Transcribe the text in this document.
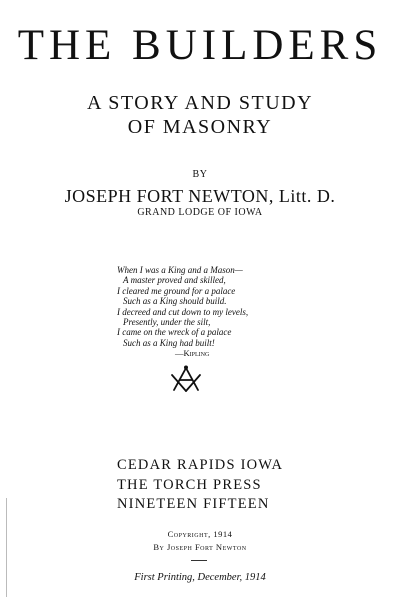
THE BUILDERS
A STORY AND STUDY
OF MASONRY
BY
JOSEPH FORT NEWTON, Litt. D.
GRAND LODGE OF IOWA
When I was a King and a Mason—
A master proved and skilled,
I cleared me ground for a palace
Such as a King should build.
I decreed and cut down to my levels,
Presently, under the silt,
I came on the wreck of a palace
Such as a King had built!
—Kipling
CEDAR RAPIDS IOWA
THE TORCH PRESS
NINETEEN FIFTEEN
Copyright, 1914
By Joseph Fort Newton
First Printing, December, 1914
